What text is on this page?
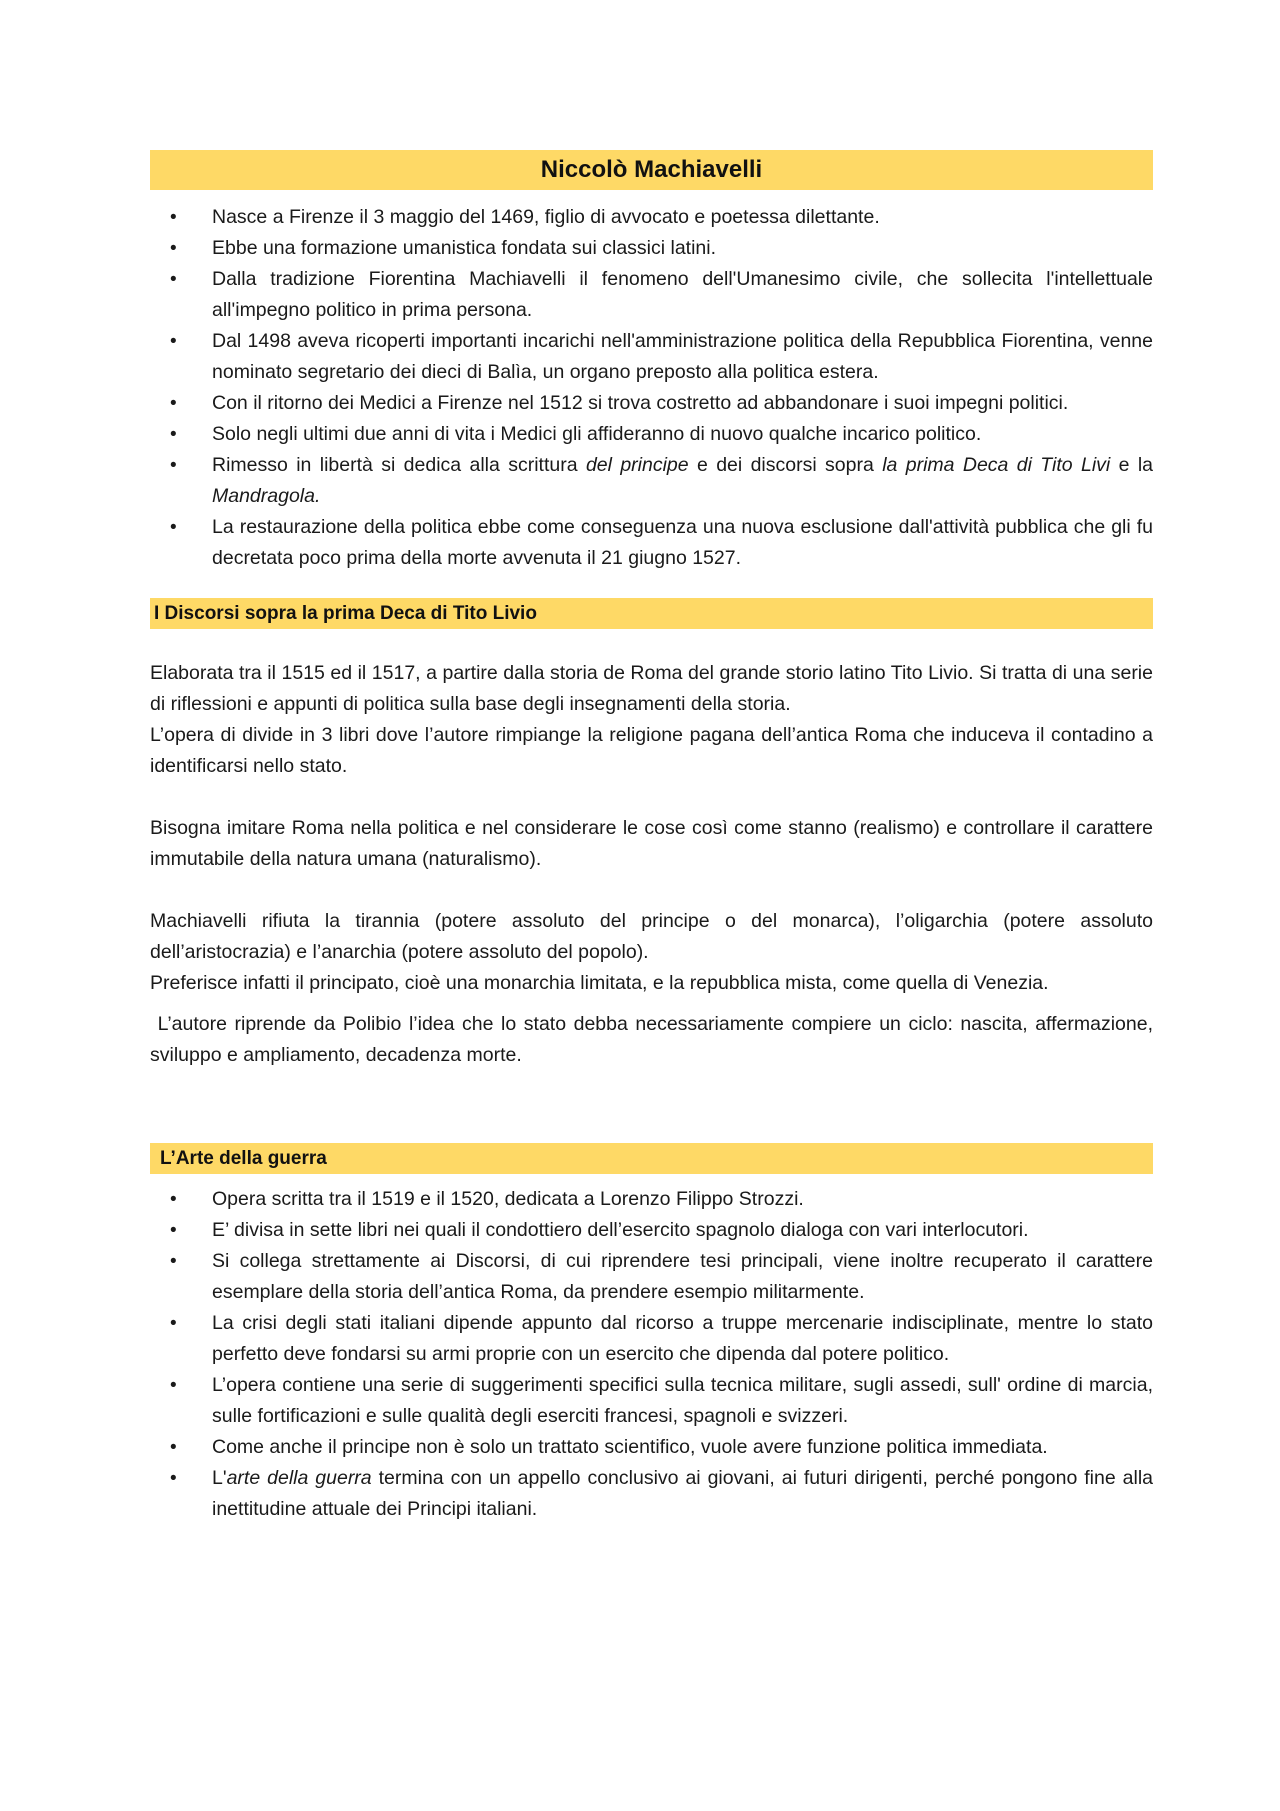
Niccolò Machiavelli
• Nasce a Firenze il 3 maggio del 1469, figlio di avvocato e poetessa dilettante.
• Ebbe una formazione umanistica fondata sui classici latini.
• Dalla tradizione Fiorentina Machiavelli il fenomeno dell'Umanesimo civile, che sollecita l'intellettuale all'impegno politico in prima persona.
• Dal 1498 aveva ricoperti importanti incarichi nell'amministrazione politica della Repubblica Fiorentina, venne nominato segretario dei dieci di Balìa, un organo preposto alla politica estera.
• Con il ritorno dei Medici a Firenze nel 1512 si trova costretto ad abbandonare i suoi impegni politici.
• Solo negli ultimi due anni di vita i Medici gli affideranno di nuovo qualche incarico politico.
• Rimesso in libertà si dedica alla scrittura del principe e dei discorsi sopra la prima Deca di Tito Livi e la Mandragola.
• La restaurazione della politica ebbe come conseguenza una nuova esclusione dall'attività pubblica che gli fu decretata poco prima della morte avvenuta il 21 giugno 1527.
I Discorsi sopra la prima Deca di Tito Livio

Elaborata tra il 1515 ed il 1517, a partire dalla storia de Roma del grande storio latino Tito Livio. Si tratta di una serie di riflessioni e appunti di politica sulla base degli insegnamenti della storia.

L’opera di divide in 3 libri dove l’autore rimpiange la religione pagana dell’antica Roma che induceva il contadino a identificarsi nello stato.

Bisogna imitare Roma nella politica e nel considerare le cose così come stanno (realismo) e controllare il carattere immutabile della natura umana (naturalismo).

Machiavelli rifiuta la tirannia (potere assoluto del principe o del monarca), l’oligarchia (potere assoluto dell’aristocrazia) e l’anarchia (potere assoluto del popolo).

Preferisce infatti il principato, cioè una monarchia limitata, e la repubblica mista, come quella di Venezia.

L’autore riprende da Polibio l’idea che lo stato debba necessariamente compiere un ciclo: nascita, affermazione, sviluppo e ampliamento, decadenza morte.

L’Arte della guerra
• Opera scritta tra il 1519 e il 1520, dedicata a Lorenzo Filippo Strozzi.
• E’ divisa in sette libri nei quali il condottiero dell’esercito spagnolo dialoga con vari interlocutori.
• Si collega strettamente ai Discorsi, di cui riprendere tesi principali, viene inoltre recuperato il carattere esemplare della storia dell’antica Roma, da prendere esempio militarmente.
• La crisi degli stati italiani dipende appunto dal ricorso a truppe mercenarie indisciplinate, mentre lo stato perfetto deve fondarsi su armi proprie con un esercito che dipenda dal potere politico.
• L’opera contiene una serie di suggerimenti specifici sulla tecnica militare, sugli assedi, sull' ordine di marcia, sulle fortificazioni e sulle qualità degli eserciti francesi, spagnoli e svizzeri.
• Come anche il principe non è solo un trattato scientifico, vuole avere funzione politica immediata.
• L'arte della guerra termina con un appello conclusivo ai giovani, ai futuri dirigenti, perché pongono fine alla inettitudine attuale dei Principi italiani.
